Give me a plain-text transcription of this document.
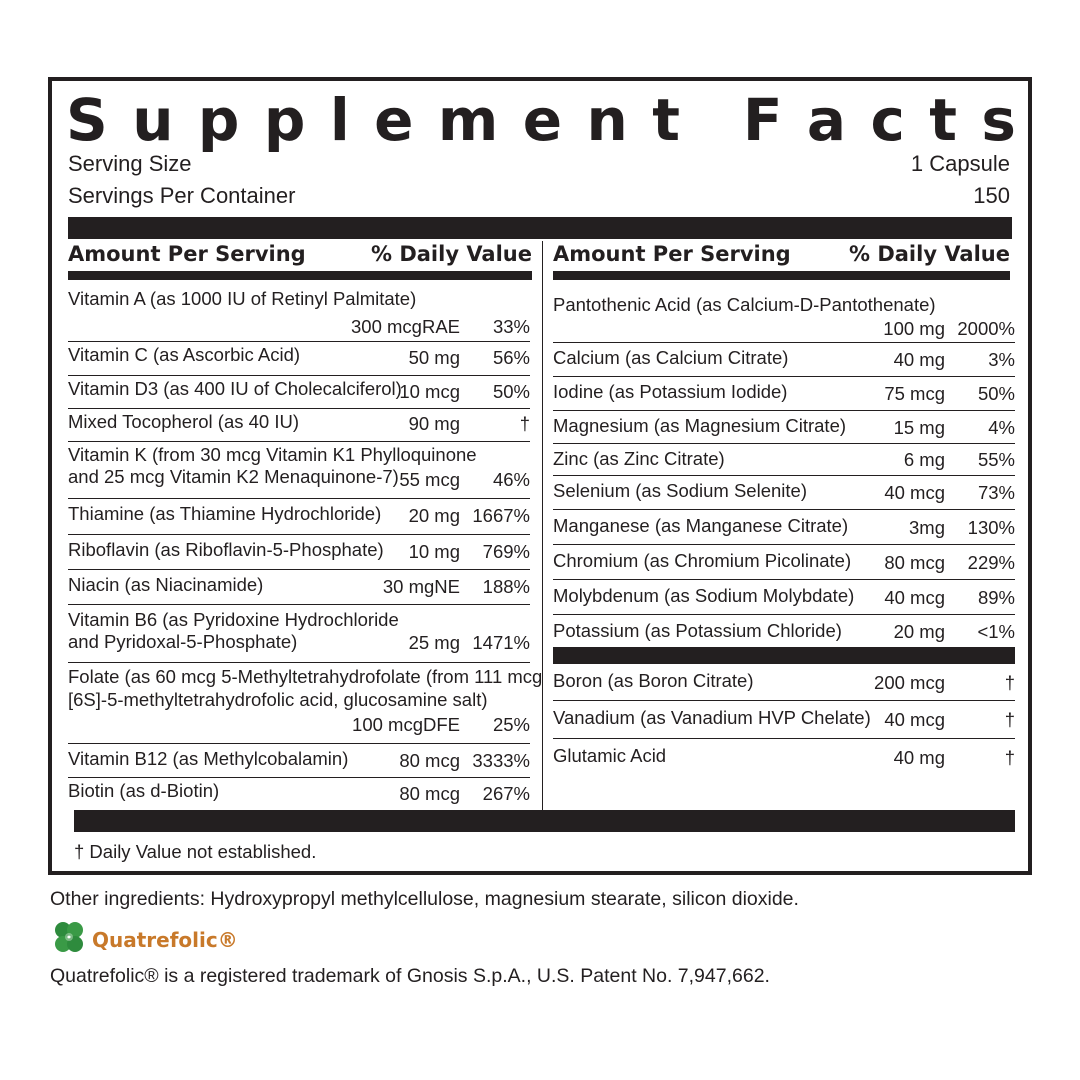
S u p p l e m e n t F a c t s
Serving Size	1 Capsule
Servings Per Container	150
Amount Per Serving	% Daily Value Amount Per Serving	% Daily Value
Vitamin A (as 1000 IU of Retinyl Palmitate)
300 mcgRAE 33%
Vitamin C (as Ascorbic Acid)	50 mg 56%
Vitamin D3 (as 400 IU of Cholecalciferol)
10 mcg 50%
Mixed Tocopherol (as 40 IU)	90 mg	†
Vitamin K (from 30 mcg Vitamin K1 Phylloquinone
and 25 mcg Vitamin K2 Menaquinone-7) 55 mcg 46%
Thiamine (as Thiamine Hydrochloride) 20 mg 1667%
Riboflavin (as Riboflavin-5-Phosphate) 10 mg 769%
Niacin (as Niacinamide)	30 mgNE 188%
Vitamin B6 (as Pyridoxine Hydrochloride
and Pyridoxal-5-Phosphate)	25 mg 1471%
Folate (as 60 mcg 5-Methyltetrahydrofolate (from 111 mcg
[6S]-5-methyltetrahydrofolic acid, glucosamine salt)
100 mcgDFE 25%
Vitamin B12 (as Methylcobalamin)	80 mcg 3333%
Biotin (as d-Biotin)	80 mcg 267%
Pantothenic Acid (as Calcium-D-Pantothenate)
100 mg 2000%
Calcium (as Calcium Citrate)	40 mg 3%
Iodine (as Potassium Iodide)	75 mcg 50%
Magnesium (as Magnesium Citrate)	15 mg 4%
Zinc (as Zinc Citrate)	6 mg 55%
Selenium (as Sodium Selenite)	40 mcg 73%
Manganese (as Manganese Citrate)	3mg 130%
Chromium (as Chromium Picolinate) 80 mcg 229%
Molybdenum (as Sodium Molybdate) 40 mcg 89%
Potassium (as Potassium Chloride)	20 mg <1%
Boron (as Boron Citrate)	200 mcg	†
Vanadium (as Vanadium HVP Chelate) 40 mcg	†
Glutamic Acid	40 mg	†
† Daily Value not established.
Other ingredients: Hydroxypropyl methylcellulose, magnesium stearate, silicon dioxide.
Quatrefolic®
Quatrefolic® is a registered trademark of Gnosis S.p.A., U.S. Patent No. 7,947,662.
